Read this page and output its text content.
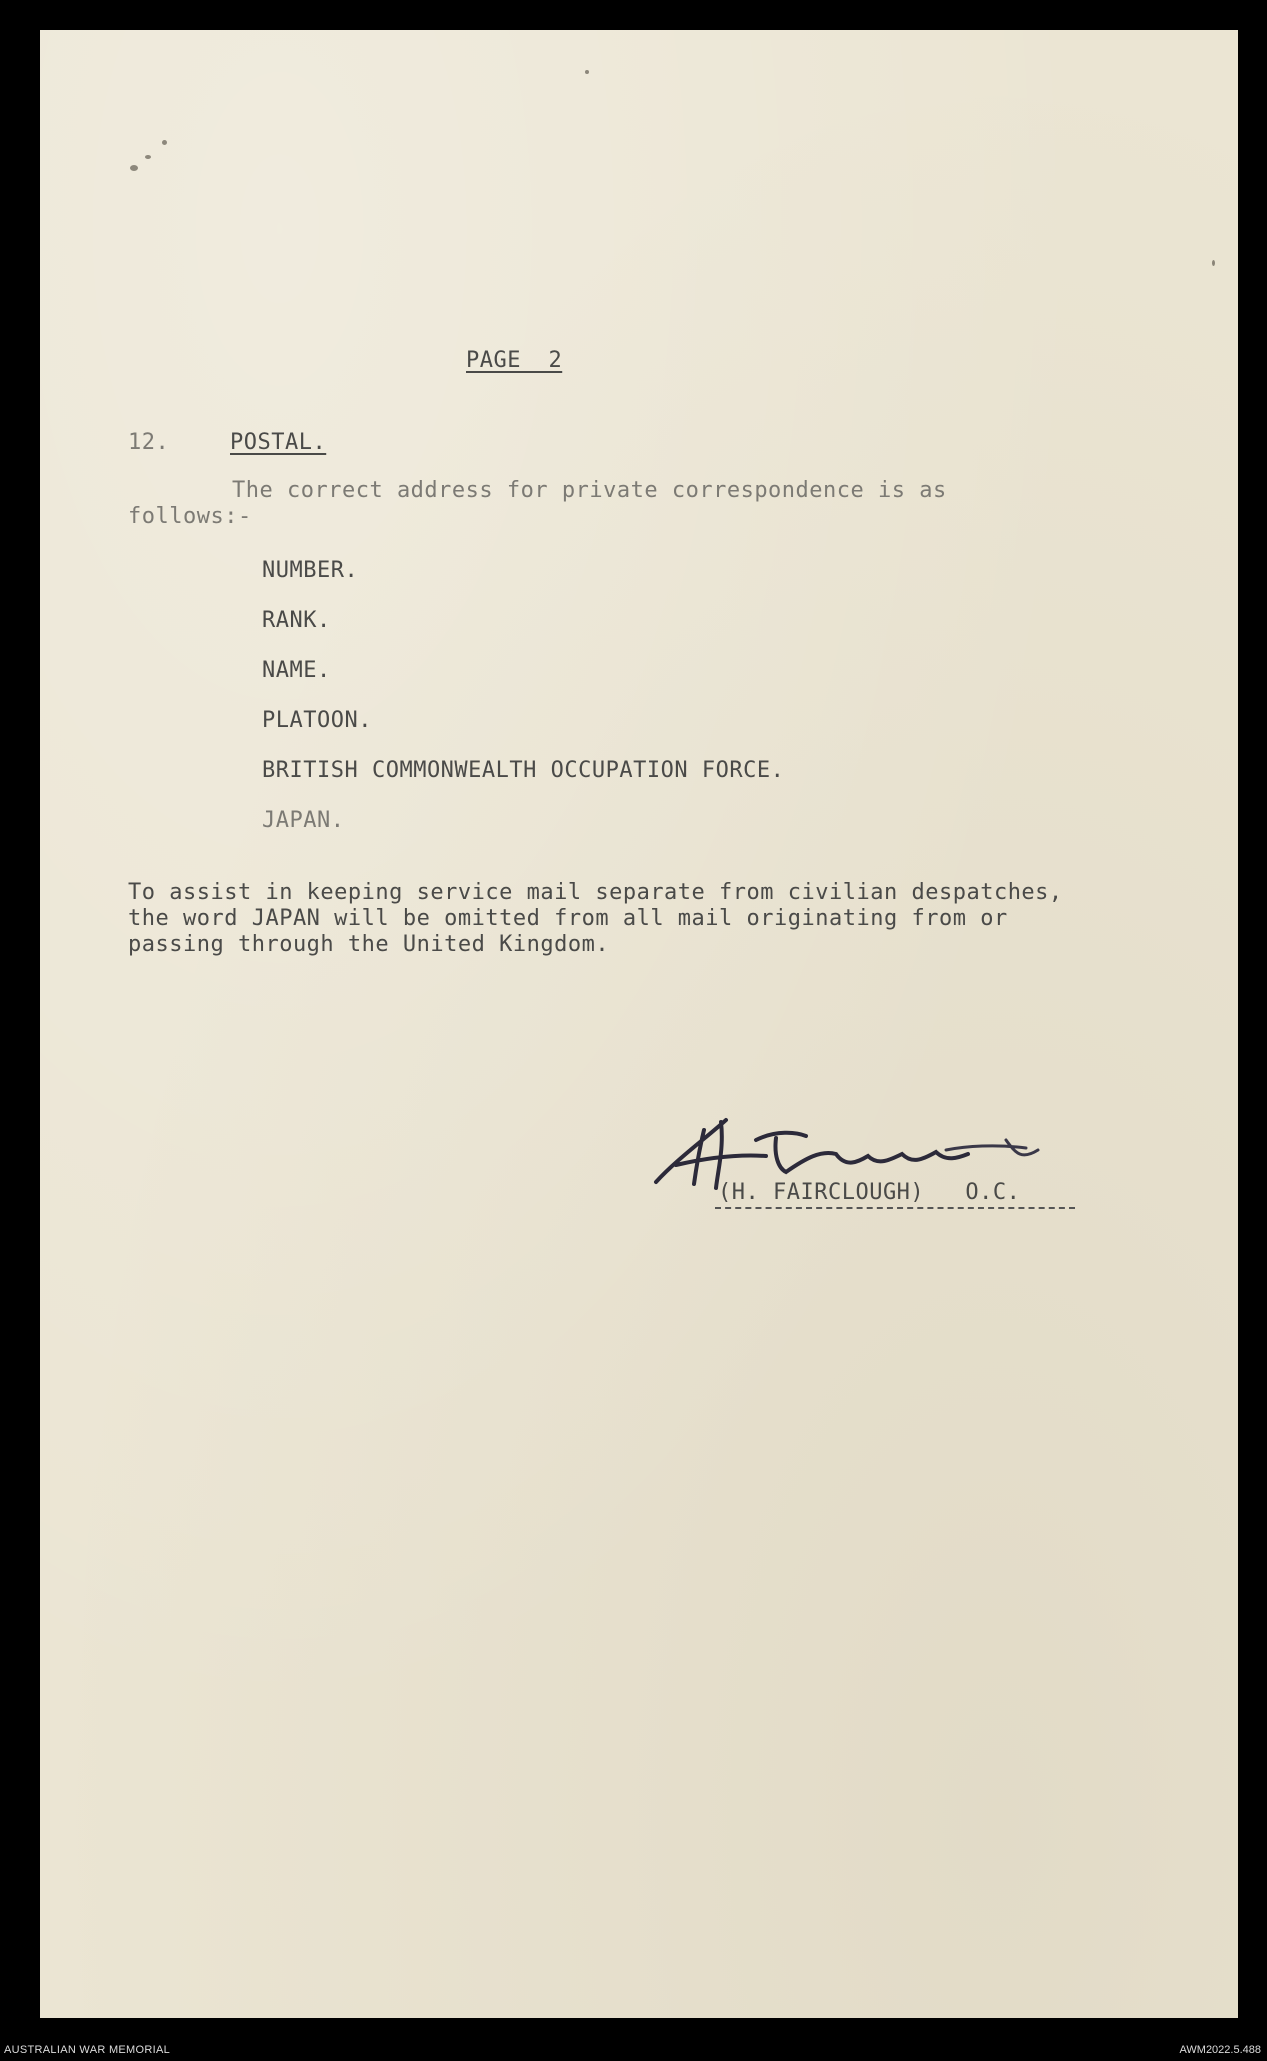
PAGE  2
12.	POSTAL.
The correct address for private correspondence is as
follows:-
NUMBER.
RANK.
NAME.
PLATOON.
BRITISH COMMONWEALTH OCCUPATION FORCE.
JAPAN.
To assist in keeping service mail separate from civilian despatches,
the word JAPAN will be omitted from all mail originating from or
passing through the United Kingdom.
(H. FAIRCLOUGH)   O.C.
AUSTRALIAN WAR MEMORIAL	AWM2022.5.488
